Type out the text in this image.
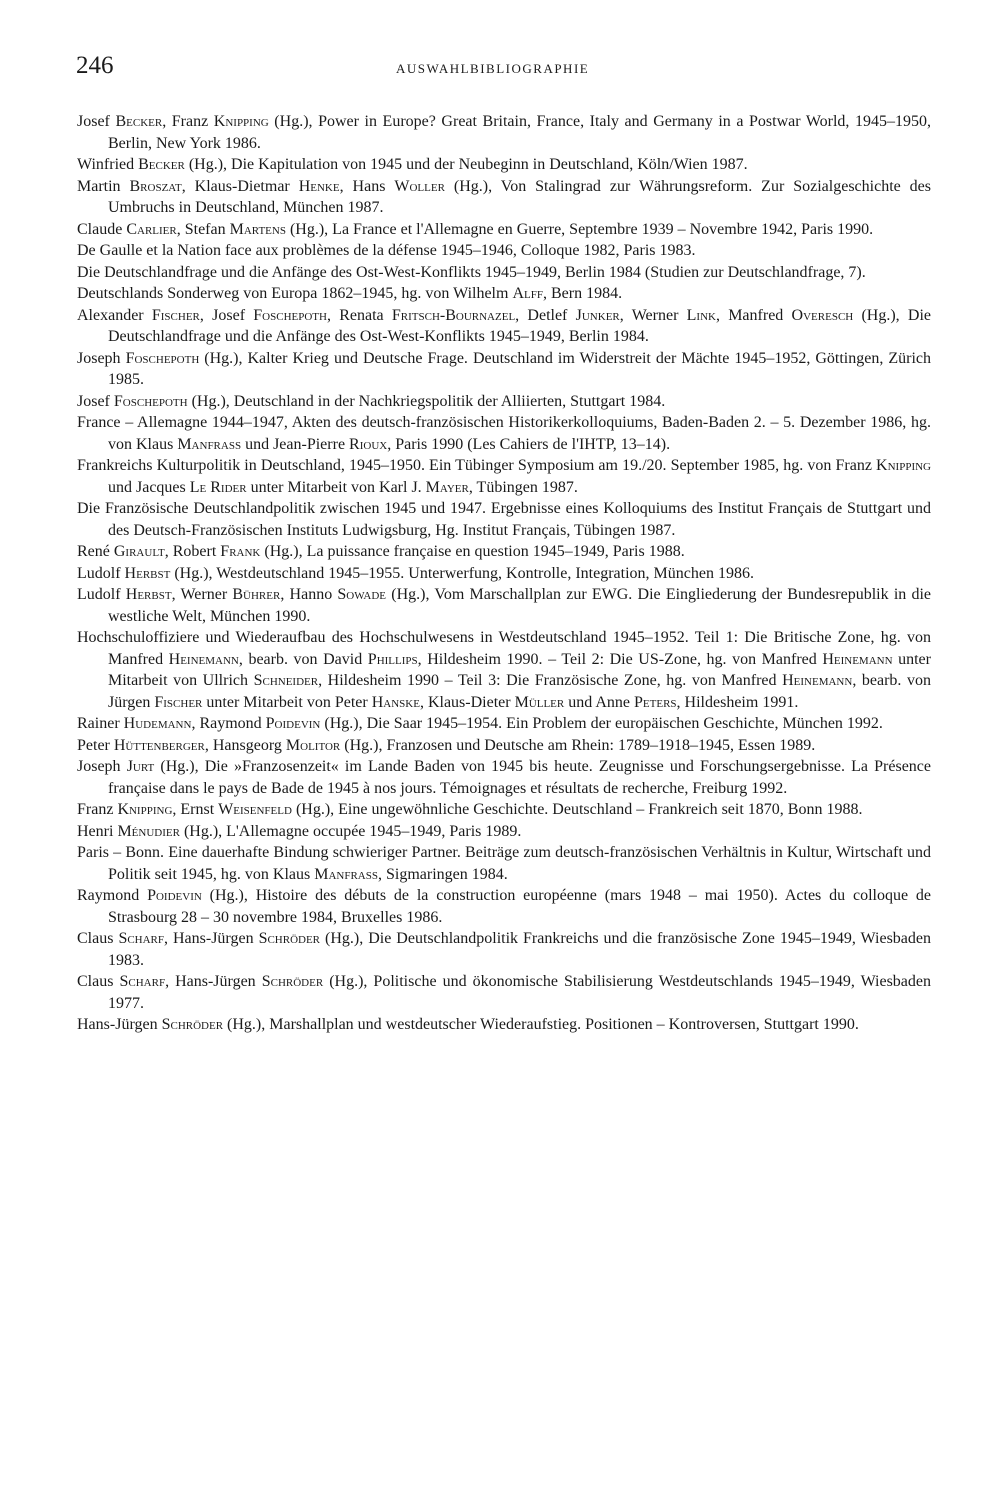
246	AUSWAHLBIBLIOGRAPHIE

Josef Becker, Franz Knipping (Hg.), Power in Europe? Great Britain, France, Italy and Germany in a Postwar World, 1945–1950, Berlin, New York 1986.

Winfried Becker (Hg.), Die Kapitulation von 1945 und der Neubeginn in Deutschland, Köln/Wien 1987.

Martin Broszat, Klaus-Dietmar Henke, Hans Woller (Hg.), Von Stalingrad zur Währungsreform. Zur Sozialgeschichte des Umbruchs in Deutschland, München 1987.

Claude Carlier, Stefan Martens (Hg.), La France et l'Allemagne en Guerre, Septembre 1939 – Novembre 1942, Paris 1990.

De Gaulle et la Nation face aux problèmes de la défense 1945–1946, Colloque 1982, Paris 1983.

Die Deutschlandfrage und die Anfänge des Ost-West-Konflikts 1945–1949, Berlin 1984 (Studien zur Deutschlandfrage, 7).

Deutschlands Sonderweg von Europa 1862–1945, hg. von Wilhelm Alff, Bern 1984.

Alexander Fischer, Josef Foschepoth, Renata Fritsch-Bournazel, Detlef Junker, Werner Link, Manfred Overesch (Hg.), Die Deutschlandfrage und die Anfänge des Ost-West-Konflikts 1945–1949, Berlin 1984.

Joseph Foschepoth (Hg.), Kalter Krieg und Deutsche Frage. Deutschland im Widerstreit der Mächte 1945–1952, Göttingen, Zürich 1985.

Josef Foschepoth (Hg.), Deutschland in der Nachkriegspolitik der Alliierten, Stuttgart 1984.

France – Allemagne 1944–1947, Akten des deutsch-französischen Historikerkolloquiums, Baden-Baden 2. – 5. Dezember 1986, hg. von Klaus Manfrass und Jean-Pierre Rioux, Paris 1990 (Les Cahiers de l'IHTP, 13–14).

Frankreichs Kulturpolitik in Deutschland, 1945–1950. Ein Tübinger Symposium am 19./20. September 1985, hg. von Franz Knipping und Jacques Le Rider unter Mitarbeit von Karl J. Mayer, Tübingen 1987.

Die Französische Deutschlandpolitik zwischen 1945 und 1947. Ergebnisse eines Kolloquiums des Institut Français de Stuttgart und des Deutsch-Französischen Instituts Ludwigsburg, Hg. Institut Français, Tübingen 1987.

René Girault, Robert Frank (Hg.), La puissance française en question 1945–1949, Paris 1988.

Ludolf Herbst (Hg.), Westdeutschland 1945–1955. Unterwerfung, Kontrolle, Integration, München 1986.

Ludolf Herbst, Werner Bührer, Hanno Sowade (Hg.), Vom Marschallplan zur EWG. Die Eingliederung der Bundesrepublik in die westliche Welt, München 1990.

Hochschuloffiziere und Wiederaufbau des Hochschulwesens in Westdeutschland 1945–1952. Teil 1: Die Britische Zone, hg. von Manfred Heinemann, bearb. von David Phillips, Hildesheim 1990. – Teil 2: Die US-Zone, hg. von Manfred Heinemann unter Mitarbeit von Ullrich Schneider, Hildesheim 1990 – Teil 3: Die Französische Zone, hg. von Manfred Heinemann, bearb. von Jürgen Fischer unter Mitarbeit von Peter Hanske, Klaus-Dieter Müller und Anne Peters, Hildesheim 1991.

Rainer Hudemann, Raymond Poidevin (Hg.), Die Saar 1945–1954. Ein Problem der europäischen Geschichte, München 1992.

Peter Hüttenberger, Hansgeorg Molitor (Hg.), Franzosen und Deutsche am Rhein: 1789–1918–1945, Essen 1989.

Joseph Jurt (Hg.), Die »Franzosenzeit« im Lande Baden von 1945 bis heute. Zeugnisse und Forschungsergebnisse. La Présence française dans le pays de Bade de 1945 à nos jours. Témoignages et résultats de recherche, Freiburg 1992.

Franz Knipping, Ernst Weisenfeld (Hg.), Eine ungewöhnliche Geschichte. Deutschland – Frankreich seit 1870, Bonn 1988.

Henri Ménudier (Hg.), L'Allemagne occupée 1945–1949, Paris 1989.

Paris – Bonn. Eine dauerhafte Bindung schwieriger Partner. Beiträge zum deutsch-französischen Verhältnis in Kultur, Wirtschaft und Politik seit 1945, hg. von Klaus Manfrass, Sigmaringen 1984.

Raymond Poidevin (Hg.), Histoire des débuts de la construction européenne (mars 1948 – mai 1950). Actes du colloque de Strasbourg 28 – 30 novembre 1984, Bruxelles 1986.

Claus Scharf, Hans-Jürgen Schröder (Hg.), Die Deutschlandpolitik Frankreichs und die französische Zone 1945–1949, Wiesbaden 1983.

Claus Scharf, Hans-Jürgen Schröder (Hg.), Politische und ökonomische Stabilisierung Westdeutschlands 1945–1949, Wiesbaden 1977.

Hans-Jürgen Schröder (Hg.), Marshallplan und westdeutscher Wiederaufstieg. Positionen – Kontroversen, Stuttgart 1990.
